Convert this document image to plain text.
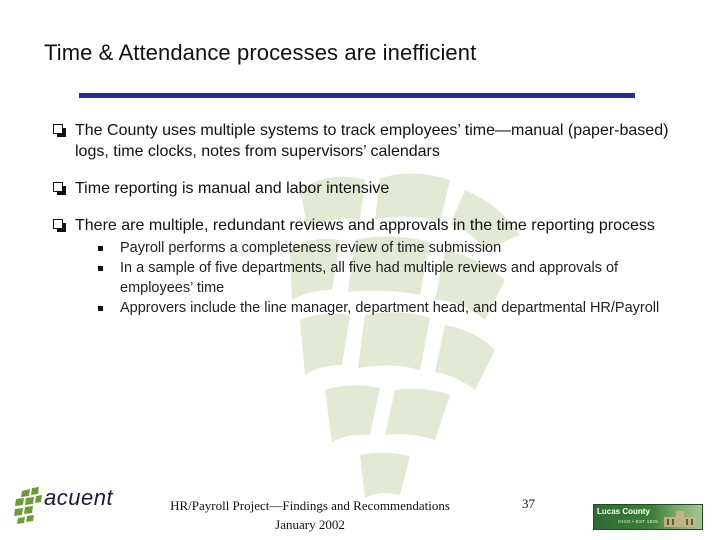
Time & Attendance processes are inefficient
The County uses multiple systems to track employees’ time—manual (paper-based) logs, time clocks, notes from supervisors’ calendars
Time reporting is manual and labor intensive
There are multiple, redundant reviews and approvals in the time reporting process
Payroll performs a completeness review of time submission
In a sample of five departments, all five had multiple reviews and approvals of employees’ time
Approvers include the line manager, department head, and departmental HR/Payroll
acuent	HR/Payroll Project—Findings and Recommendations
January 2002
37
Lucas County
OHIO • EST 1835
